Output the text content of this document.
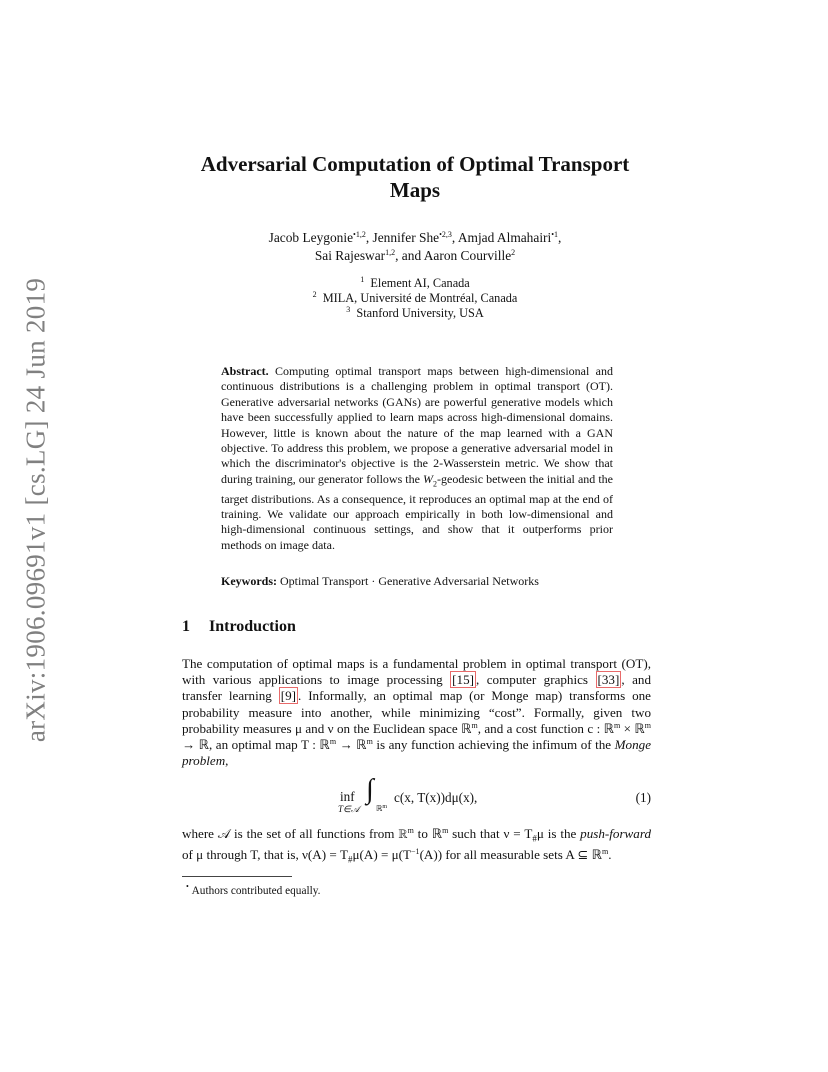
arXiv:1906.09691v1 [cs.LG] 24 Jun 2019
Adversarial Computation of Optimal Transport
Maps
Jacob Leygonie$^{•1,2}$, Jennifer She$^{•2,3}$, Amjad Almahairi$^{•1}$,
Sai Rajeswar$^{1,2}$, and Aaron Courville$^2$
$^1$ Element AI, Canada
$^2$ MILA, Université de Montréal, Canada
$^3$ Stanford University, USA
Abstract. Computing optimal transport maps between high-dimensional and continuous distributions is a challenging problem in optimal transport (OT). Generative adversarial networks (GANs) are powerful generative models which have been successfully applied to learn maps across high-dimensional domains. However, little is known about the nature of the map learned with a GAN objective. To address this problem, we propose a generative adversarial model in which the discriminator's objective is the 2-Wasserstein metric. We show that during training, our generator follows the $W_2$-geodesic between the initial and the target distributions. As a consequence, it reproduces an optimal map at the end of training. We validate our approach empirically in both low-dimensional and high-dimensional continuous settings, and show that it outperforms prior methods on image data.
Keywords: Optimal Transport · Generative Adversarial Networks
1 Introduction
The computation of optimal maps is a fundamental problem in optimal transport (OT), with various applications to image processing [15] , computer graphics [33] , and transfer learning [9] . Informally, an optimal map (or Monge map) transforms one probability measure into another, while minimizing “cost”. Formally, given two probability measures μ and ν on the Euclidean space ℝ$^m$, and a cost function c : ℝ$^m$ × ℝ$^m$ → ℝ, an optimal map T : ℝ$^m$ → ℝ$^m$ is any function achieving the infimum of the Monge problem,
inf
T∈𝒜
∫
ℝ$^m$
c(x, T(x))dμ(x),	(1)
where 𝒜 is the set of all functions from ℝ$^m$ to ℝ$^m$ such that $\nu = T_{\#}\mu$ is the push-forward of μ through T, that is, $\nu(A) = T_{\#}\mu(A) = \mu(T^{-1}(A))$ for all measurable sets A ⊆ ℝ$^m$.
• Authors contributed equally.
